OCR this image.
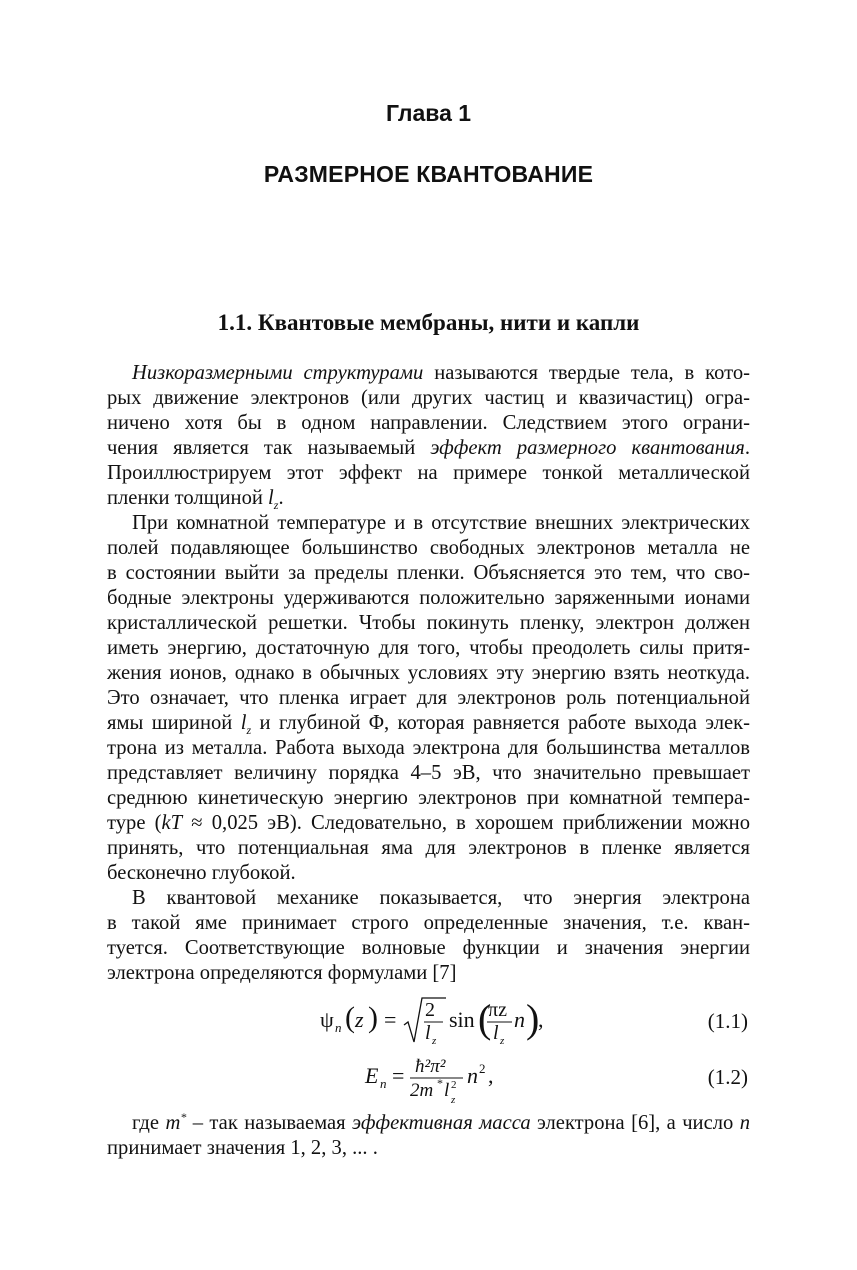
Глава 1
РАЗМЕРНОЕ КВАНТОВАНИЕ
1.1. Квантовые мембраны, нити и капли
Низкоразмерными структурами называются твердые тела, в кото-
рых движение электронов (или других частиц и квазичастиц) огра-
ничено хотя бы в одном направлении. Следствием этого ограни-
чения является так называемый эффект размерного квантования.
Проиллюстрируем этот эффект на примере тонкой металлической
пленки толщиной $l_z$.
При комнатной температуре и в отсутствие внешних электрических
полей подавляющее большинство свободных электронов металла не
в состоянии выйти за пределы пленки. Объясняется это тем, что сво-
бодные электроны удерживаются положительно заряженными ионами
кристаллической решетки. Чтобы покинуть пленку, электрон должен
иметь энергию, достаточную для того, чтобы преодолеть силы притя-
жения ионов, однако в обычных условиях эту энергию взять неоткуда.
Это означает, что пленка играет для электронов роль потенциальной
ямы шириной $l_z$ и глубиной Φ, которая равняется работе выхода элек-
трона из металла. Работа выхода электрона для большинства металлов
представляет величину порядка 4–5 эВ, что значительно превышает
среднюю кинетическую энергию электронов при комнатной темпера-
туре (kT ≈ 0,025 эВ). Следовательно, в хорошем приближении можно
принять, что потенциальная яма для электронов в пленке является
бесконечно глубокой.
В квантовой механике показывается, что энергия электрона
в такой яме принимает строго определенные значения, т.е. кван-
туется. Соответствующие волновые функции и значения энергии
электрона определяются формулами [7]
ψ n ( z ) = 2
l z
sin (
πz
l z
n )
,	(1.1)
E n = ħ²π²
2m * l 2
z
n 2 ,	(1.2)
где m* – так называемая эффективная масса электрона [6], а число n
принимает значения 1, 2, 3, ... .
